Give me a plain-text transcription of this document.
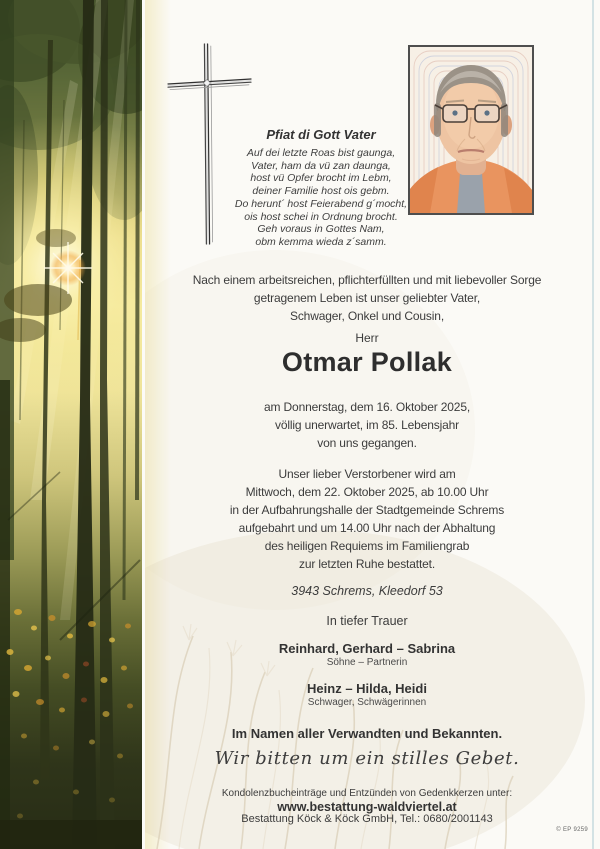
Pfiat di Gott Vater
Auf dei letzte Roas bist gaunga,
Vater, ham da vü zan daunga,
host vü Opfer brocht im Lebm,
deiner Familie host ois gebm.
Do herunt´ host Feierabend g´mocht,
ois host schei in Ordnung brocht.
Geh voraus in Gottes Nam,
obm kemma wieda z´samm.
Nach einem arbeitsreichen, pflichterfüllten und mit liebevoller Sorge
getragenem Leben ist unser geliebter Vater,
Schwager, Onkel und Cousin,
Herr
Otmar Pollak
am Donnerstag, dem 16. Oktober 2025,
völlig unerwartet, im 85. Lebensjahr
von uns gegangen.
Unser lieber Verstorbener wird am
Mittwoch, dem 22. Oktober 2025, ab 10.00 Uhr
in der Aufbahrungshalle der Stadtgemeinde Schrems
aufgebahrt und um 14.00 Uhr nach der Abhaltung
des heiligen Requiems im Familiengrab
zur letzten Ruhe bestattet.
3943 Schrems, Kleedorf 53
In tiefer Trauer
Reinhard, Gerhard – Sabrina
Söhne – Partnerin
Heinz – Hilda, Heidi
Schwager, Schwägerinnen
Im Namen aller Verwandten und Bekannten.
Wir bitten um ein stilles Gebet.
Kondolenzbucheinträge und Entzünden von Gedenkkerzen unter:
www.bestattung-waldviertel.at
Bestattung Köck & Köck GmbH, Tel.: 0680/2001143
© EP 9259
